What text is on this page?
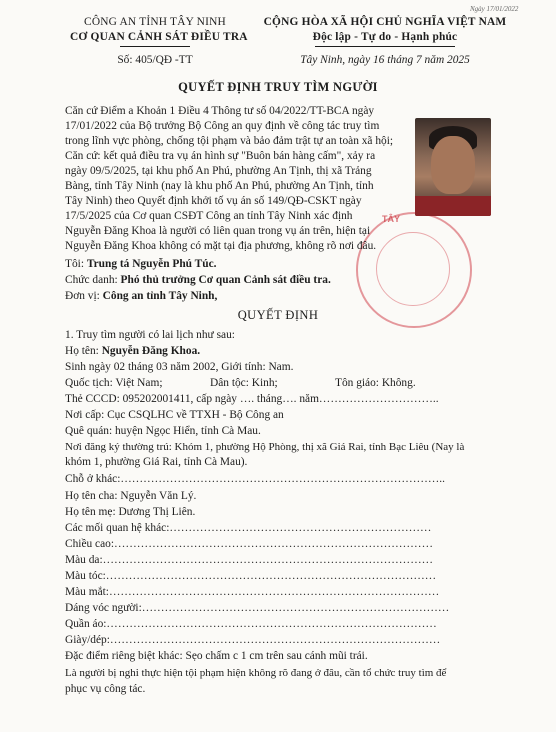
Ngày 17/01/2022
CÔNG AN TỈNH TÂY NINH
CƠ QUAN CẢNH SÁT ĐIỀU TRA
Số: 405/QĐ -TT
CỘNG HÒA XÃ HỘI CHỦ NGHĨA VIỆT NAM
Độc lập - Tự do - Hạnh phúc
Tây Ninh, ngày 16 tháng 7 năm 2025
QUYẾT ĐỊNH TRUY TÌM NGƯỜI
TÂY
Căn cứ Điểm a Khoản 1 Điều 4 Thông tư số 04/2022/TT-BCA ngày
17/01/2022 của Bộ trưởng Bộ Công an quy định về công tác truy tìm
trong lĩnh vực phòng, chống tội phạm và bảo đảm trật tự an toàn xã hội;
Căn cứ: kết quả điều tra vụ án hình sự "Buôn bán hàng cấm", xảy ra
ngày 09/5/2025, tại khu phố An Phú, phường An Tịnh, thị xã Trảng
Bàng, tỉnh Tây Ninh (nay là khu phố An Phú, phường An Tịnh, tỉnh
Tây Ninh) theo Quyết định khởi tố vụ án số 149/QĐ-CSKT ngày
17/5/2025 của Cơ quan CSĐT Công an tỉnh Tây Ninh xác định
Nguyễn Đăng Khoa là người có liên quan trong vụ án trên, hiện tại
Nguyễn Đăng Khoa không có mặt tại địa phương, không rõ nơi đâu.
Tôi: Trung tá Nguyễn Phú Túc.
Chức danh: Phó thủ trưởng Cơ quan Cảnh sát điều tra.
Đơn vị: Công an tỉnh Tây Ninh,
QUYẾT ĐỊNH
1. Truy tìm người có lai lịch như sau:
Họ tên: Nguyễn Đăng Khoa.
Sinh ngày 02 tháng 03 năm 2002, Giới tính: Nam.
Quốc tịch: Việt Nam;	Dân tộc: Kinh;	Tôn giáo: Không.
Thẻ CCCD: 095202001411, cấp ngày …. tháng…. năm…………………………..
Nơi cấp: Cục CSQLHC về TTXH - Bộ Công an
Quê quán: huyện Ngọc Hiển, tỉnh Cà Mau.
Nơi đăng ký thường trú: Khóm 1, phường Hộ Phòng, thị xã Giá Rai, tỉnh Bạc Liêu (Nay là
khóm 1, phường Giá Rai, tỉnh Cà Mau).
Chỗ ở khác:…………………………………………………………………………..
Họ tên cha: Nguyễn Văn Lý.
Họ tên mẹ: Dương Thị Liên.
Các mối quan hệ khác:……………………………………………………………
Chiều cao:…………………………………………………………………………
Màu da:……………………………………………………………………………
Màu tóc:……………………………………………………………………………
Màu mắt:……………………………………………………………………………
Dáng vóc người:………………………………………………………………………
Quần áo:……………………………………………………………………………
Giày/dép:……………………………………………………………………………
Đặc điểm riêng biệt khác: Sẹo chấm c 1 cm trên sau cánh mũi trái.
Là người bị nghi thực hiện tội phạm hiện không rõ đang ở đâu, cần tổ chức truy tìm để
phục vụ công tác.
